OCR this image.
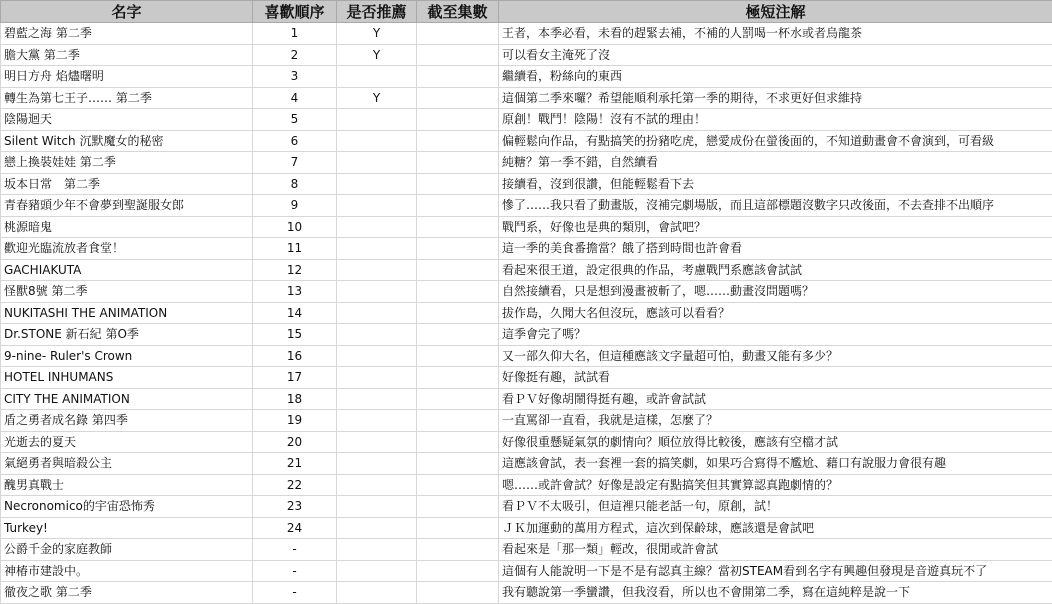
名字	喜歡順序	是否推薦	截至集數	極短注解
碧藍之海 第二季	1	Y		王者，本季必看，未看的趕緊去補，不補的人罰喝一杯水或者烏龍茶
膽大黨 第二季	2	Y		可以看女主淹死了沒
明日方舟 焰燼曙明	3			繼續看，粉絲向的東西
轉生為第七王子…… 第二季	4	Y		這個第二季來囉？希望能順利承托第一季的期待，不求更好但求維持
陰陽迴天	5			原創！戰鬥！陰陽！沒有不試的理由！
Silent Witch 沉默魔女的秘密	6			偏輕鬆向作品，有點搞笑的扮豬吃虎，戀愛成份在螢後面的，不知道動畫會不會演到，可看級
戀上換裝娃娃 第二季	7			純糖？第一季不錯，自然續看
坂本日常　第二季	8			接續看，沒到很讚，但能輕鬆看下去
青春豬頭少年不會夢到聖誕服女郎	9			慘了……我只看了動畫版，沒補完劇場版，而且這部標題沒數字只改後面，不去查排不出順序
桃源暗鬼	10			戰鬥系，好像也是典的類別，會試吧？
歡迎光臨流放者食堂！	11			這一季的美食番擔當？餓了搭到時間也許會看
GACHIAKUTA	12			看起來很王道，設定很典的作品，考慮戰鬥系應該會試試
怪獸8號 第二季	13			自然接續看，只是想到漫畫被斬了，嗯……動畫沒問題嗎？
NUKITASHI THE ANIMATION	14			拔作島，久聞大名但沒玩，應該可以看看？
Dr.STONE 新石紀 第O季	15			這季會完了嗎？
9-nine- Ruler's Crown	16			又一部久仰大名，但這種應該文字量超可怕，動畫又能有多少？
HOTEL INHUMANS	17			好像挺有趣，試試看
CITY THE ANIMATION	18			看ＰＶ好像胡鬧得挺有趣，或許會試試
盾之勇者成名錄 第四季	19			一直罵卻一直看，我就是這樣，怎麼了？
光逝去的夏天	20			好像很重懸疑氣氛的劇情向？順位放得比較後，應該有空檔才試
氣絕勇者與暗殺公主	21			這應該會試，表一套裡一套的搞笑劇，如果巧合寫得不尷尬、藉口有說服力會很有趣
醜男真戰士	22			嗯……或許會試？好像是設定有點搞笑但其實算認真跑劇情的？
Necronomico的宇宙恐怖秀	23			看ＰＶ不太吸引，但這裡只能老話一句，原創，試！
Turkey!	24			ＪＫ加運動的萬用方程式，這次到保齡球，應該還是會試吧
公爵千金的家庭教師	-			看起來是「那一類」輕改，很閒或許會試
神椿市建設中。	-			這個有人能說明一下是不是有認真主線？當初STEAM看到名字有興趣但發現是音遊真玩不了
徹夜之歌 第二季	-			我有聽說第一季蠻讚，但我沒看，所以也不會開第二季，寫在這純粹是說一下
